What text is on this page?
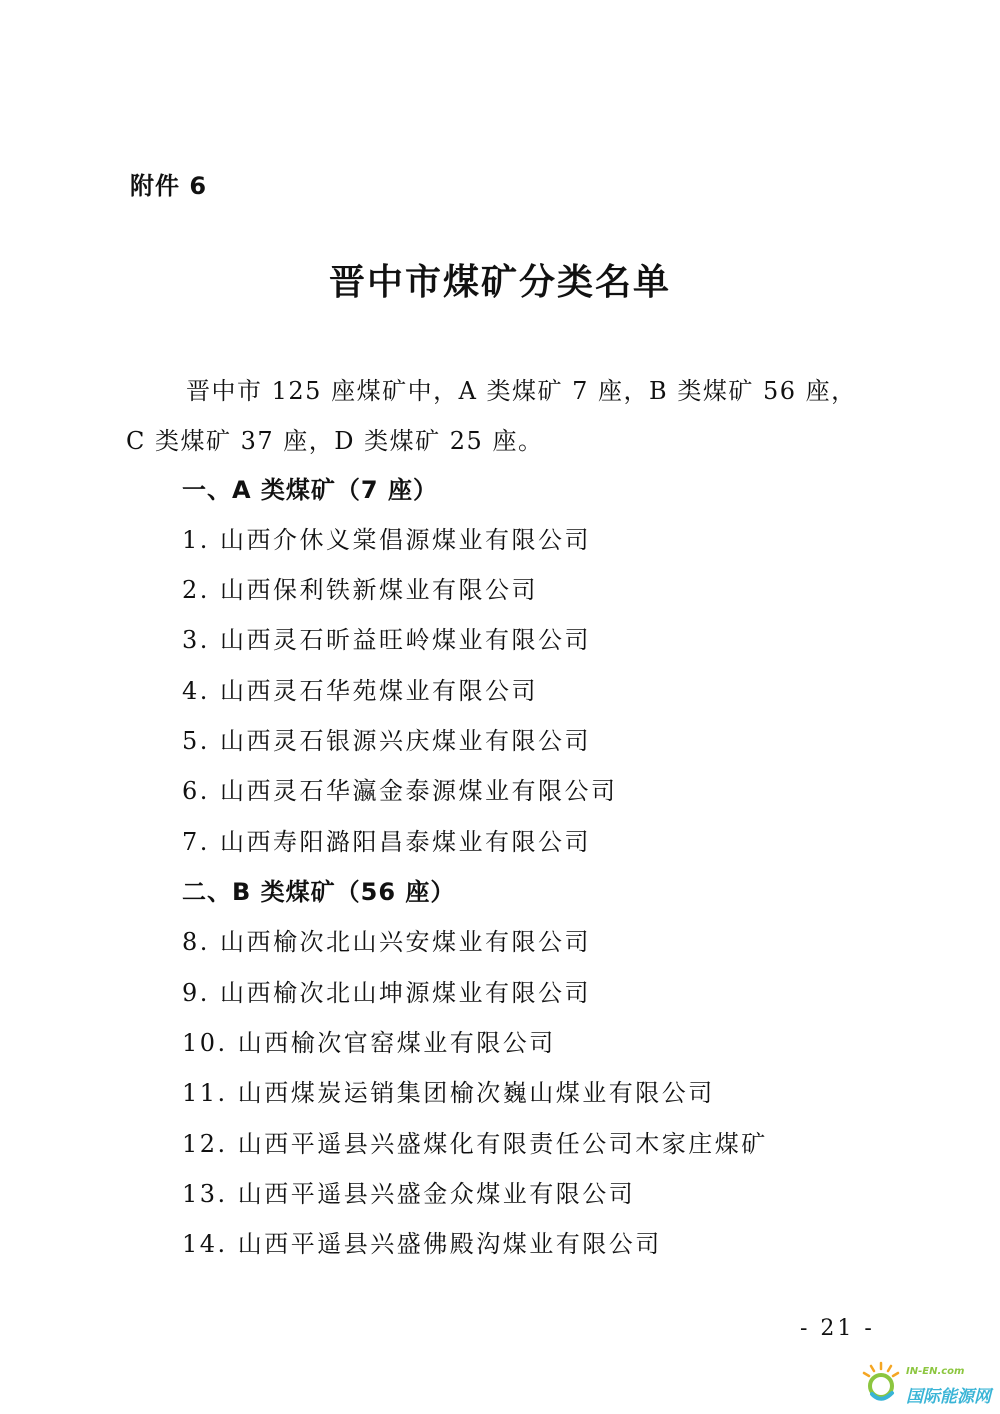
附件 6
晋中市煤矿分类名单

晋中市 125 座煤矿中，A 类煤矿 7 座，B 类煤矿 56 座，C 类煤矿 37 座，D 类煤矿 25 座。

一、A 类煤矿（7 座）
1. 山西介休义棠倡源煤业有限公司
2. 山西保利铁新煤业有限公司
3. 山西灵石昕益旺岭煤业有限公司
4. 山西灵石华苑煤业有限公司
5. 山西灵石银源兴庆煤业有限公司
6. 山西灵石华瀛金泰源煤业有限公司
7. 山西寿阳潞阳昌泰煤业有限公司
二、B 类煤矿（56 座）
8. 山西榆次北山兴安煤业有限公司
9. 山西榆次北山坤源煤业有限公司
10. 山西榆次官窑煤业有限公司
11. 山西煤炭运销集团榆次巍山煤业有限公司
12. 山西平遥县兴盛煤化有限责任公司木家庄煤矿
13. 山西平遥县兴盛金众煤业有限公司
14. 山西平遥县兴盛佛殿沟煤业有限公司
- 21 -
IN-EN.com
国际能源网
